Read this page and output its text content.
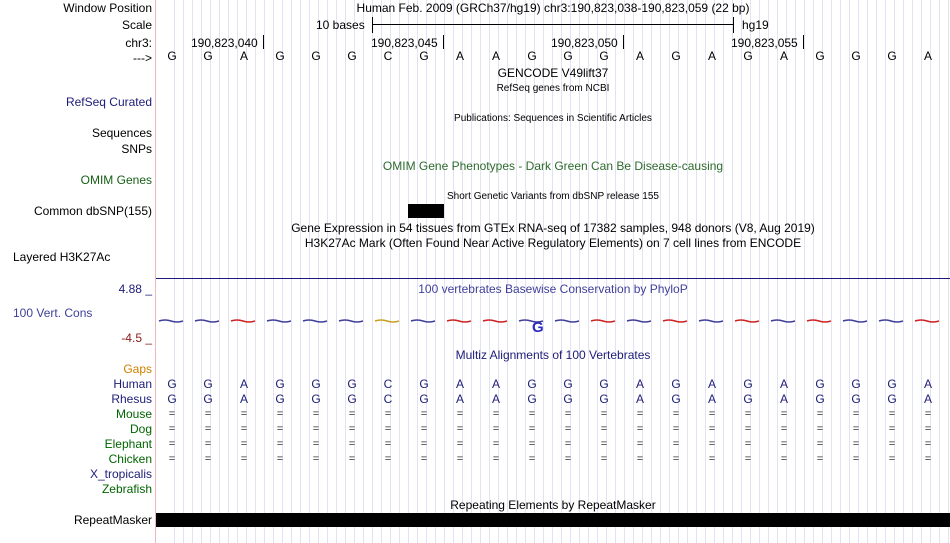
Window Position
Scale
chr3:
--->
Human Feb. 2009 (GRCh37/hg19) chr3:190,823,038-190,823,059 (22 bp)
10 bases	hg19
190,823,040	190,823,045	190,823,050	190,823,055
G	G	A	G	G	G	C	G	A	A	G	G	G	A	G	A	G	A	G	G	G	A
GENCODE V49lift37
RefSeq genes from NCBI
RefSeq Curated
Publications: Sequences in Scientific Articles
Sequences
SNPs
OMIM Gene Phenotypes - Dark Green Can Be Disease-causing
OMIM Genes
Short Genetic Variants from dbSNP release 155
Common dbSNP(155)
Gene Expression in 54 tissues from GTEx RNA-seq of 17382 samples, 948 donors (V8, Aug 2019)
H3K27Ac Mark (Often Found Near Active Regulatory Elements) on 7 cell lines from ENCODE
Layered H3K27Ac
4.88 _	100 vertebrates Basewise Conservation by PhyloP
100 Vert. Cons
-4.5 _
G
Multiz Alignments of 100 Vertebrates
Gaps
Human	G	G	A	G	G	G	C	G	A	A	G	G	G	A	G	A	G	A	G	G	G	A
Rhesus	G	G	A	G	G	G	C	G	A	A	G	G	G	A	G	A	G	A	G	G	G	A
Mouse	=	=	=	=	=	=	=	=	=	=	=	=	=	=	=	=	=	=	=	=	=	=
Dog	=	=	=	=	=	=	=	=	=	=	=	=	=	=	=	=	=	=	=	=	=	=
Elephant	=	=	=	=	=	=	=	=	=	=	=	=	=	=	=	=	=	=	=	=	=	=
Chicken	=	=	=	=	=	=	=	=	=	=	=	=	=	=	=	=	=	=	=	=	=	=
X_tropicalis
Zebrafish
Repeating Elements by RepeatMasker
RepeatMasker
